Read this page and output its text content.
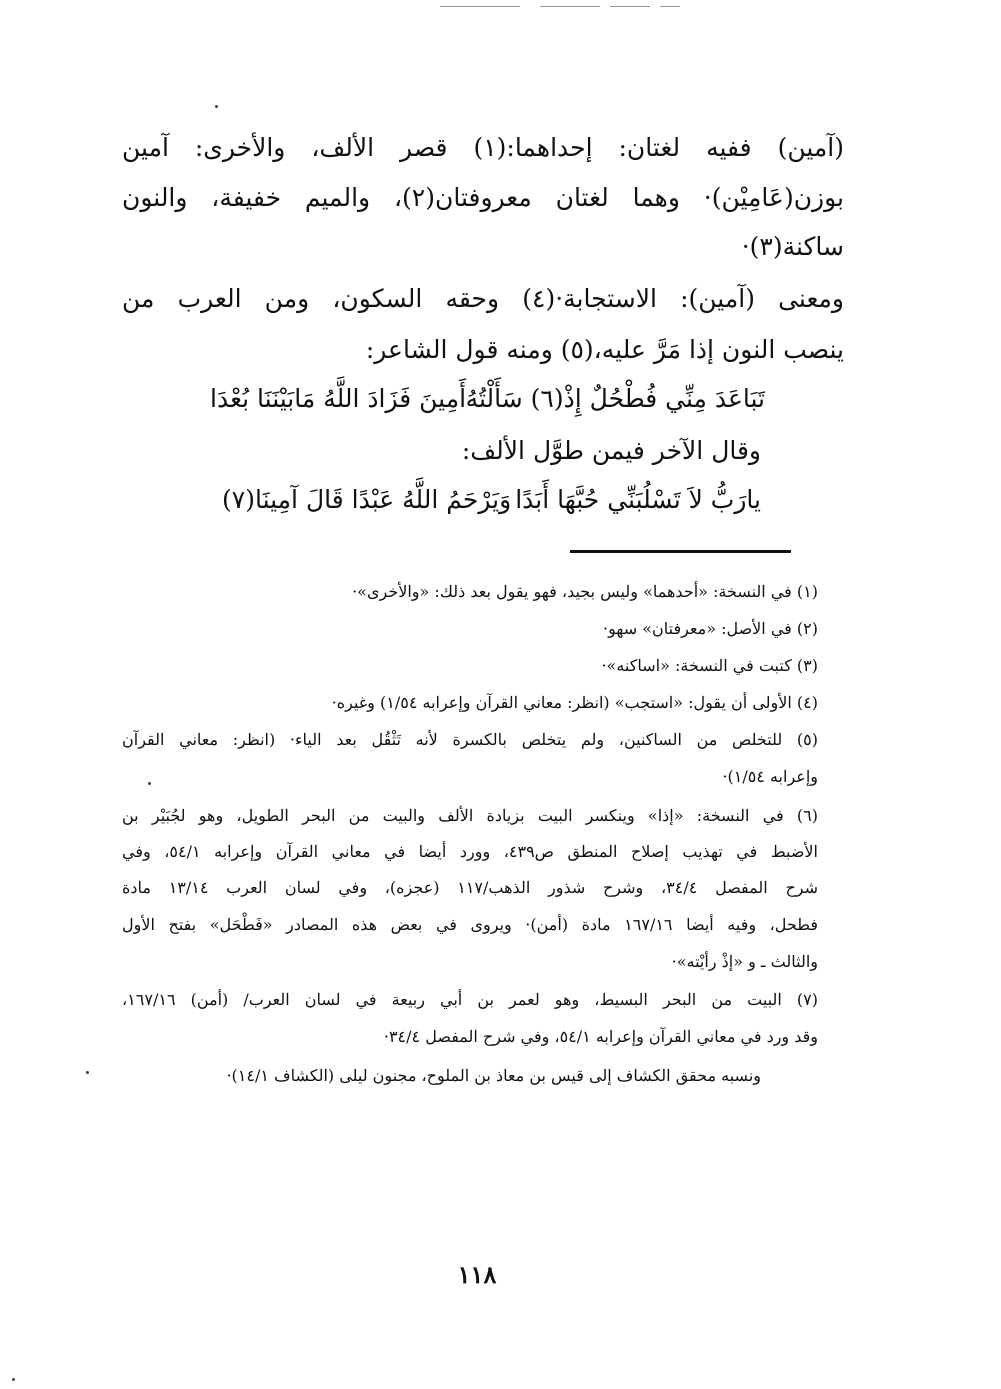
(آمين) ففيه لغتان: إحداهما:(١) قصر الألف، والأخرى: آمين
بوزن(عَامِيْن)· وهما لغتان معروفتان(٢)، والميم خفيفة، والنون
ساكنة(٣)·
ومعنى (آمين): الاستجابة·(٤) وحقه السكون، ومن العرب من
ينصب النون إذا مَرَّ عليه،(٥) ومنه قول الشاعر:
تَبَاعَدَ مِنِّي فُطْحُلٌ إِذْ(٦) سَأَلْتُهُ
أَمِينَ فَزَادَ اللَّهُ مَابَيْنَنَا بُعْدَا
وقال الآخر فيمن طوَّل الألف:
يارَبُّ لاَ تَسْلُبَنِّي حُبَّهَا أَبَدًا
وَيَرْحَمُ اللَّهُ عَبْدًا قَالَ آمِينَا(٧)
(١) في النسخة: «أحدهما» وليس بجيد، فهو يقول بعد ذلك: «والأخرى»·
(٢) في الأصل: «معرفتان» سهو·
(٣) كتبت في النسخة: «اساكنه»·
(٤) الأولى أن يقول: «استجب» (انظر: معاني القرآن وإعرابه ١/٥٤) وغيره·
(٥) للتخلص من الساكنين، ولم يتخلص بالكسرة لأنه تَثْقُل بعد الياء· (انظر: معاني القرآن
وإعرابه ١/٥٤)·
(٦) في النسخة: «إذا» وينكسر البيت بزيادة الألف والبيت من البحر الطويل، وهو لجُبَيْر بن
الأضبط في تهذيب إصلاح المنطق ص٤٣٩، وورد أيضا في معاني القرآن وإعرابه ٥٤/١، وفي
شرح المفصل ٣٤/٤، وشرح شذور الذهب/١١٧ (عجزه)، وفي لسان العرب ١٣/١٤ مادة
فطحل، وفيه أيضا ١٦٧/١٦ مادة (أمن)· ويروى في بعض هذه المصادر «فَطْحَل» بفتح الأول
والثالث ـ و «إذْ رأيْته»·
(٧) البيت من البحر البسيط، وهو لعمر بن أبي ربيعة في لسان العرب/ (أمن) ١٦٧/١٦،
وقد ورد في معاني القرآن وإعرابه ٥٤/١، وفي شرح المفصل ٣٤/٤·
ونسبه محقق الكشاف إلى قيس بن معاذ بن الملوح، مجنون ليلى (الكشاف ١٤/١)·
١١٨
